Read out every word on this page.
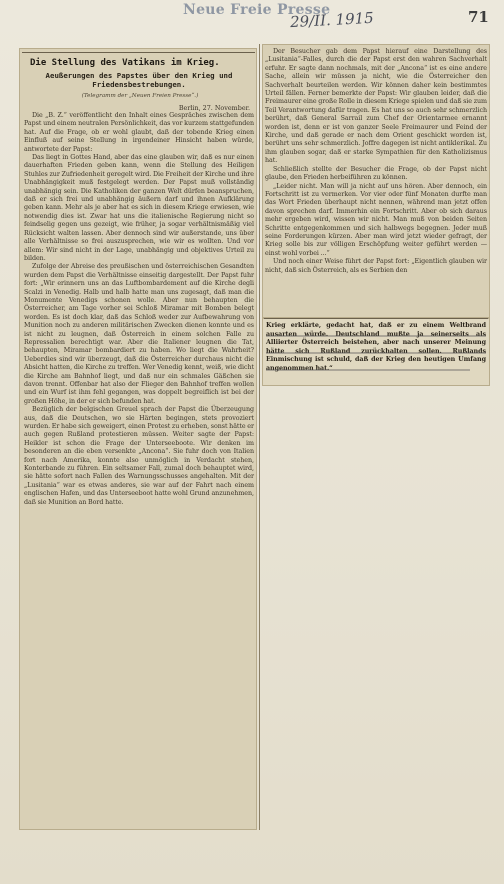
Neue Freie Presse
29/II. 1915	71
Die Stellung des Vatikans im Krieg.
Aeußerungen des Papstes über den Krieg und Friedensbestrebungen.
(Telegramm der „Neuen Freien Presse“.)
Berlin, 27. November.

Die „B. Z.“ veröffentlicht den Inhalt eines Gespräches zwischen dem Papst und einem neutralen Persönlichkeit, das vor kurzem stattgefunden hat. Auf die Frage, ob er wohl glaubt, daß der tobende Krieg einen Einfluß auf seine Stellung in irgendeiner Hinsicht haben würde, antwortete der Papst:

Das liegt in Gottes Hand, aber das eine glauben wir, daß es nur einen dauerhaften Frieden geben kann, wenn die Stellung des Heiligen Stuhles zur Zufriedenheit geregelt wird. Die Freiheit der Kirche und ihre Unabhängigkeit muß festgelegt werden. Der Papst muß vollständig unabhängig sein. Die Katholiken der ganzen Welt dürfen beanspruchen, daß er sich frei und unabhängig äußern darf und ihnen Aufklärung geben kann. Mehr als je aber hat es sich in diesem Kriege erwiesen, wie notwendig dies ist. Zwar hat uns die italienische Regierung nicht so feindselig gegen uns gezeigt, wie früher, ja sogar verhältnismäßig viel Rücksicht walten lassen. Aber dennoch sind wir außerstande, uns über alle Verhältnisse so frei auszusprechen, wie wir es wollten. Und vor allem: Wir sind nicht in der Lage, unabhängig und objektives Urteil zu bilden.

Zufolge der Abreise des preußischen und österreichischen Gesandten wurden dem Papst die Verhältnisse einseitig dargestellt. Der Papst fuhr fort: „Wir erinnern uns an das Luftbombardement auf die Kirche degli Scalzi in Venedig. Halb und halb hatte man uns zugesagt, daß man die Monumente Venedigs schonen wolle. Aber nun behaupten die Österreicher, am Tage vorher sei Schloß Miramar mit Bomben belegt worden. Es ist doch klar, daß das Schloß weder zur Aufbewahrung von Munition noch zu anderen militärischen Zwecken dienen konnte und es ist nicht zu leugnen, daß Österreich in einem solchen Falle zu Repressalien berechtigt war. Aber die Italiener leugnen die Tat, behaupten, Miramar bombardiert zu haben. Wo liegt die Wahrheit? Ueberdies sind wir überzeugt, daß die Österreicher durchaus nicht die Absicht hatten, die Kirche zu treffen. Wer Venedig kennt, weiß, wie dicht die Kirche am Bahnhof liegt, und daß nur ein schmales Gäßchen sie davon trennt. Offenbar hat also der Flieger den Bahnhof treffen wollen und ein Wurf ist ihm fehl gegangen, was doppelt begreiflich ist bei der großen Höhe, in der er sich befunden hat.

Bezüglich der belgischen Greuel sprach der Papst die Überzeugung aus, daß die Deutschen, wo sie Härten begingen, stets provoziert wurden. Er habe sich geweigert, einen Protest zu erheben, sonst hätte er auch gegen Rußland protestieren müssen. Weiter sagte der Papst: Heikler ist schon die Frage der Unterseeboote. Wir denken im besonderen an die eben versenkte „Ancona“. Sie fuhr doch von Italien fort nach Amerika, konnte also unmöglich in Verdacht stehen, Konterbande zu führen. Ein seltsamer Fall, zumal doch behauptet wird, sie hätte sofort nach Fallen des Warnungsschusses angehalten. Mit der „Lusitania“ war es etwas anderes, sie war auf der Fahrt nach einem englischen Hafen, und das Unterseeboot hatte wohl Grund anzunehmen, daß sie Munition an Bord hatte.

Der Besucher gab dem Papst hierauf eine Darstellung des „Lusitania“-Falles, durch die der Papst erst den wahren Sachverhalt erfuhr. Er sagte dann nochmals, mit der „Ancona“ ist es eine andere Sache, allein wir müssen ja nicht, wie die Österreicher den Sachverhalt beurteilen werden. Wir können daher kein bestimmtes Urteil fällen. Ferner bemerkte der Papst: Wir glauben leider, daß die Freimaurer eine große Rolle in diesem Kriege spielen und daß sie zum Teil Verantwortung dafür tragen. Es hat uns so auch sehr schmerzlich berührt, daß General Sarrail zum Chef der Orientarmee ernannt worden ist, denn er ist von ganzer Seele Freimaurer und Feind der Kirche, und daß gerade er nach dem Orient geschickt worden ist, berührt uns sehr schmerzlich. Joffre dagegen ist nicht antiklerikal. Zu ihm glauben sogar, daß er starke Sympathien für den Katholizismus hat.

Schließlich stellte der Besucher die Frage, ob der Papst nicht glaube, den Frieden herbeiführen zu können.

„Leider nicht. Man will ja nicht auf uns hören. Aber dennoch, ein Fortschritt ist zu vermerken. Vor vier oder fünf Monaten durfte man das Wort Frieden überhaupt nicht nennen, während man jetzt offen davon sprechen darf. Immerhin ein Fortschritt. Aber ob sich daraus mehr ergeben wird, wissen wir nicht. Man muß von beiden Seiten Schritte entgegenkommen und sich halbwegs begegnen. Jeder muß seine Forderungen kürzen. Aber man wird jetzt wieder gefragt, der Krieg solle bis zur völligen Erschöpfung weiter geführt werden — einst wohl vorbei ...“

Und noch einer Weise führt der Papst fort: „Eigentlich glauben wir nicht, daß sich Österreich, als es Serbien den

Krieg erklärte, gedacht hat, daß er zu einem Weltbrand ausarten würde. Deutschland mußte ja seinerseits als Alliierter Österreich beistehen, aber nach unserer Meinung hätte sich Rußland zurückhalten sollen. Rußlands Einmischung ist schuld, daß der Krieg den heutigen Umfang angenommen hat.“
